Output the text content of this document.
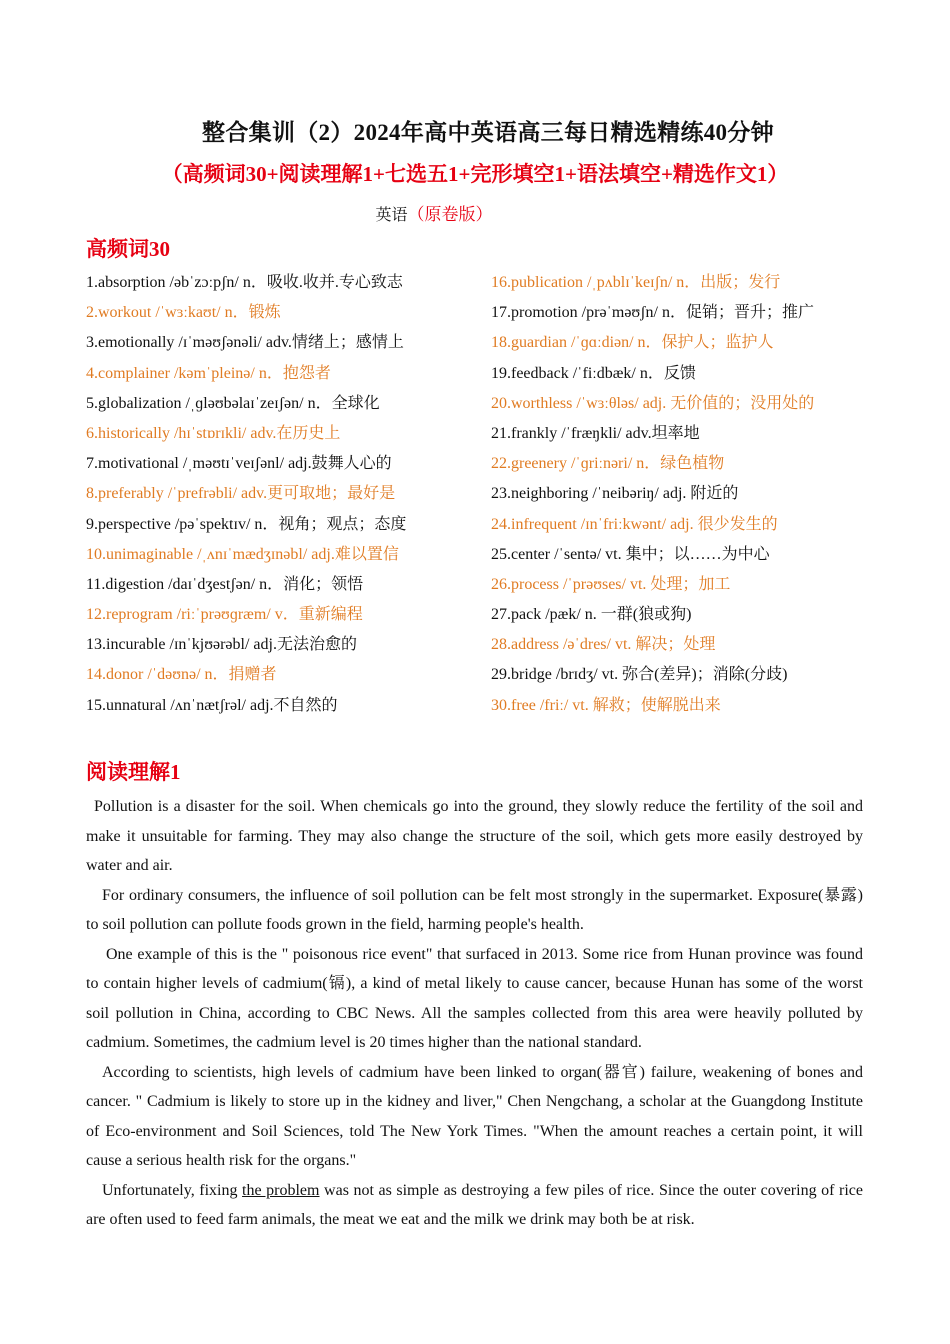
整合集训（2）2024年高中英语高三每日精选精练40分钟
（高频词30+阅读理解1+七选五1+完形填空1+语法填空+精选作文1）
英语（原卷版）
高频词30
1.absorption /əbˈzɔːpʃn/ n．吸收.收并.专心致志
2.workout /ˈwɜːkaʊt/ n．锻炼
3.emotionally /ɪˈməʊʃənəli/ adv.情绪上；感情上
4.complainer /kəmˈpleinə/ n．抱怨者
5.globalization /ˌɡləʊbəlaɪˈzeɪʃən/ n．全球化
6.historically /hɪˈstɒrɪkli/ adv.在历史上
7.motivational /ˌməʊtɪˈveɪʃənl/ adj.鼓舞人心的
8.preferably /ˈprefrəbli/ adv.更可取地；最好是
9.perspective /pəˈspektɪv/ n．视角；观点；态度
10.unimaginable /ˌʌnɪˈmædʒɪnəbl/ adj.难以置信
11.digestion /daɪˈdʒestʃən/ n．消化；领悟
12.reprogram /riːˈprəʊɡræm/ v．重新编程
13.incurable /ɪnˈkjʊərəbl/ adj.无法治愈的
14.donor /ˈdəʊnə/ n．捐赠者
15.unnatural /ʌnˈnætʃrəl/ adj.不自然的
16.publication /ˌpʌblɪˈkeɪʃn/ n．出版；发行
17.promotion /prəˈməʊʃn/ n．促销；晋升；推广
18.guardian /ˈɡɑːdiən/ n．保护人；监护人
19.feedback /ˈfiːdbæk/ n．反馈
20.worthless /ˈwɜːθləs/ adj. 无价值的；没用处的
21.frankly /ˈfræŋkli/ adv.坦率地
22.greenery /ˈɡriːnəri/ n．绿色植物
23.neighboring /ˈneibəriŋ/ adj. 附近的
24.infrequent /ɪnˈfriːkwənt/ adj. 很少发生的
25.center /ˈsentə/ vt. 集中；以……为中心
26.process /ˈprəʊses/ vt. 处理；加工
27.pack /pæk/ n. 一群(狼或狗)
28.address /əˈdres/ vt. 解决；处理
29.bridge /brɪdʒ/ vt. 弥合(差异)；消除(分歧)
30.free /friː/ vt. 解救；使解脱出来
阅读理解1

Pollution is a disaster for the soil. When chemicals go into the ground, they slowly reduce the fertility of the soil and make it unsuitable for farming. They may also change the structure of the soil, which gets more easily destroyed by water and air.

For ordinary consumers, the influence of soil pollution can be felt most strongly in the supermarket. Exposure(暴露) to soil pollution can pollute foods grown in the field, harming people's health.

One example of this is the " poisonous rice event" that surfaced in 2013. Some rice from Hunan province was found to contain higher levels of cadmium(镉), a kind of metal likely to cause cancer, because Hunan has some of the worst soil pollution in China, according to CBC News. All the samples collected from this area were heavily polluted by cadmium. Sometimes, the cadmium level is 20 times higher than the national standard.

According to scientists, high levels of cadmium have been linked to organ(器官) failure, weakening of bones and cancer. " Cadmium is likely to store up in the kidney and liver," Chen Nengchang, a scholar at the Guangdong Institute of Eco-environment and Soil Sciences, told The New York Times. "When the amount reaches a certain point, it will cause a serious health risk for the organs."

Unfortunately, fixing the problem was not as simple as destroying a few piles of rice. Since the outer covering of rice are often used to feed farm animals, the meat we eat and the milk we drink may both be at risk.
